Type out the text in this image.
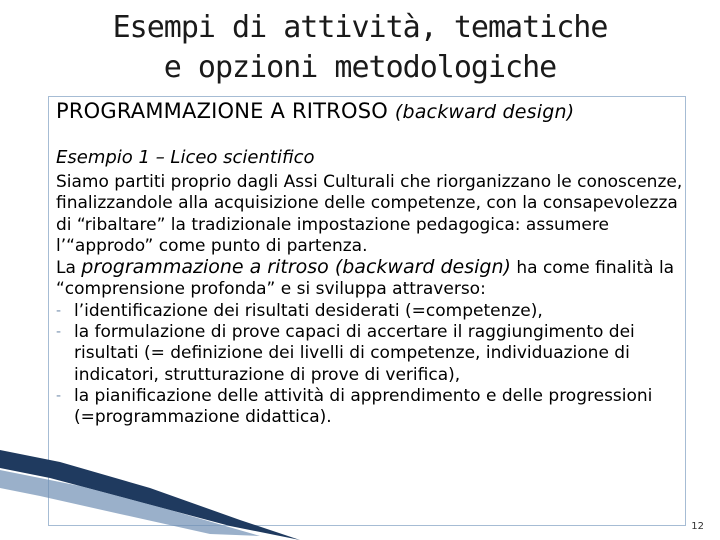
Esempi di attività, tematiche
e opzioni metodologiche
PROGRAMMAZIONE A RITROSO (backward design)
Esempio 1 – Liceo scientifico

Siamo partiti proprio dagli Assi Culturali che riorganizzano le conoscenze, finalizzandole alla acquisizione delle competenze, con la consapevolezza di “ribaltare” la tradizionale impostazione pedagogica: assumere l’“approdo” come punto di partenza.

La programmazione a ritroso (backward design) ha come finalità la “comprensione profonda” e si sviluppa attraverso:

- l’identificazione dei risultati desiderati (=competenze),
- la formulazione di prove capaci di accertare il raggiungimento dei risultati (= definizione dei livelli di competenze, individuazione di indicatori, strutturazione di prove di verifica),
- la pianificazione delle attività di apprendimento e delle progressioni (=programmazione didattica).
12
